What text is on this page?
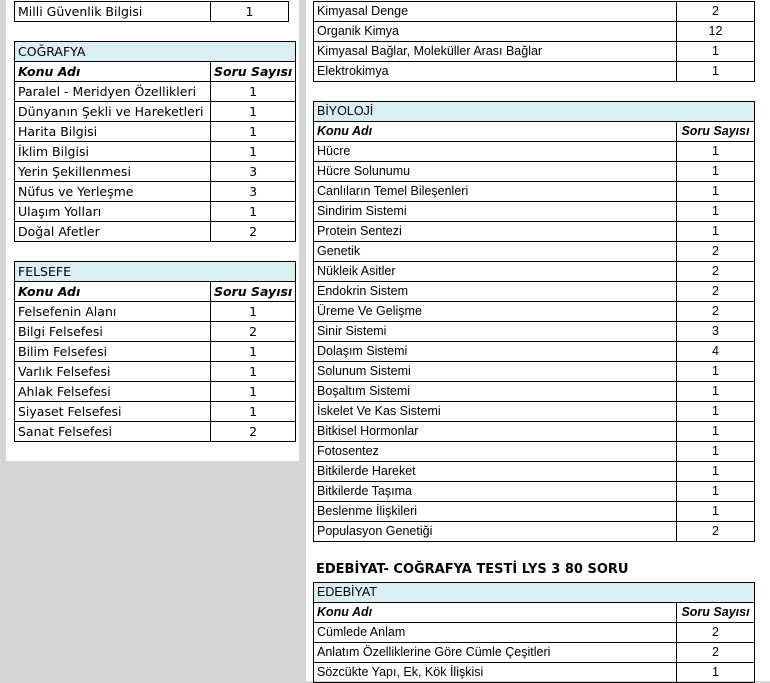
Milli Güvenlik Bilgisi	1
COĞRAFYA	
Konu Adı	Soru Sayısı
Paralel - Meridyen Özellikleri	1
Dünyanın Şekli ve Hareketleri	1
Harita Bilgisi	1
İklim Bilgisi	1
Yerin Şekillenmesi	3
Nüfus ve Yerleşme	3
Ulaşım Yolları	1
Doğal Afetler	2
FELSEFE	
Konu Adı	Soru Sayısı
Felsefenin Alanı	1
Bilgi Felsefesi	2
Bilim Felsefesi	1
Varlık Felsefesi	1
Ahlak Felsefesi	1
Siyaset Felsefesi	1
Sanat Felsefesi	2
Kimyasal Denge	2
Organik Kimya	12
Kimyasal Bağlar, Moleküller Arası Bağlar	1
Elektrokimya	1
BİYOLOJİ	
Konu Adı	Soru Sayısı
Hücre	1
Hücre Solunumu	1
Canlıların Temel Bileşenleri	1
Sindirim Sistemi	1
Protein Sentezi	1
Genetik	2
Nükleik Asitler	2
Endokrin Sistem	2
Üreme Ve Gelişme	2
Sinir Sistemi	3
Dolaşım Sistemi	4
Solunum Sistemi	1
Boşaltım Sistemi	1
İskelet Ve Kas Sistemi	1
Bitkisel Hormonlar	1
Fotosentez	1
Bitkilerde Hareket	1
Bitkilerde Taşıma	1
Beslenme İlişkileri	1
Populasyon Genetiği	2
EDEBİYAT- COĞRAFYA TESTİ LYS 3 80 SORU
EDEBİYAT	
Konu Adı	Soru Sayısı
Cümlede Anlam	2
Anlatım Özelliklerine Göre Cümle Çeşitleri	2
Sözcükte Yapı, Ek, Kök İlişkisi	1
